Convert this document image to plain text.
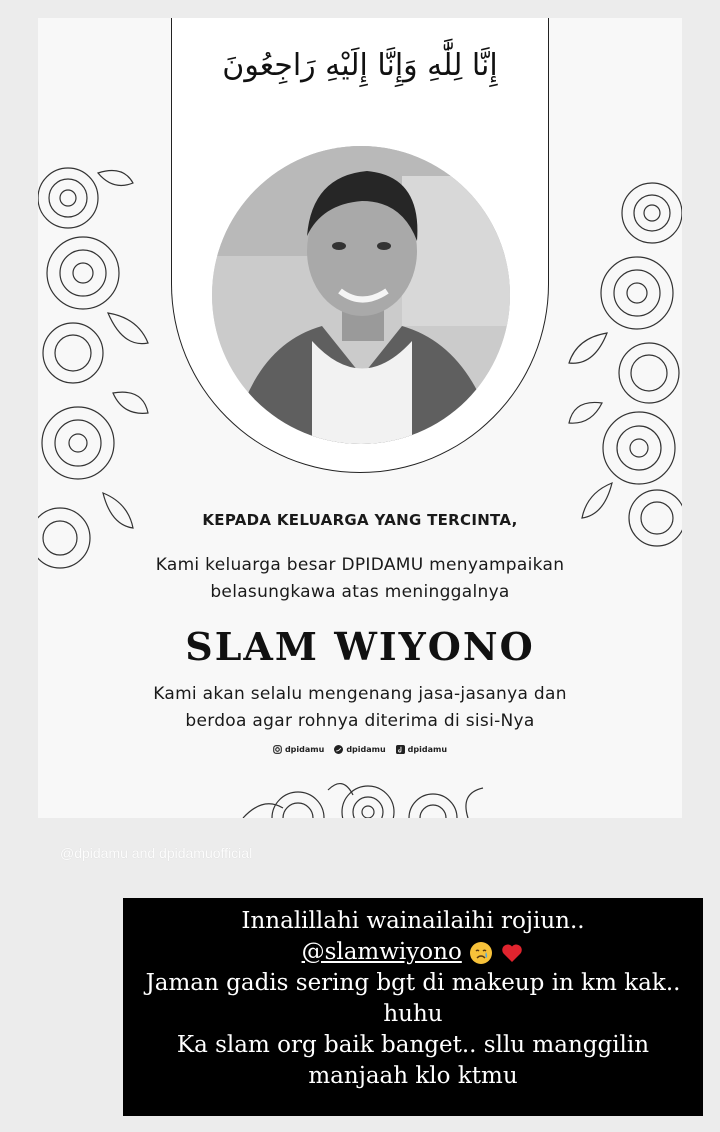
إِنَّا لِلَّٰهِ وَإِنَّا إِلَيْهِ رَاجِعُونَ
KEPADA KELUARGA YANG TERCINTA,
Kami keluarga besar DPIDAMU menyampaikan
belasungkawa atas meninggalnya
SLAM WIYONO
Kami akan selalu mengenang jasa-jasanya dan
berdoa agar rohnya diterima di sisi-Nya
dpidamu	dpidamu	dpidamu
@dpidamu and dpidamuofficial
Innalillahi wainailaihi rojiun..
@slamwiyono
Jaman gadis sering bgt di makeup in km kak..
huhu
Ka slam org baik banget.. sllu manggilin
manjaah klo ktmu
